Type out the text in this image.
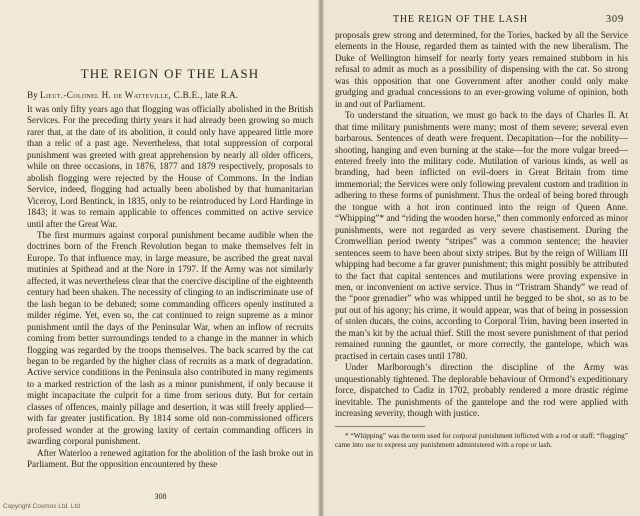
THE REIGN OF THE LASH

By Lieut.-Colonel H. de Watteville, C.B.E., late R.A.

It was only fifty years ago that flogging was officially abolished in the British Services. For the preceding thirty years it had already been growing so much rarer that, at the date of its abolition, it could only have appeared little more than a relic of a past age. Nevertheless, that total suppression of corporal punishment was greeted with great apprehension by nearly all older officers, while on three occasions, in 1876, 1877 and 1879 respectively, proposals to abolish flogging were rejected by the House of Commons. In the Indian Service, indeed, flogging had actually been abolished by that humanitarian Viceroy, Lord Bentinck, in 1835, only to be reintroduced by Lord Hardinge in 1843; it was to remain applicable to offences committed on active service until after the Great War.

The first murmurs against corporal punishment became audible when the doctrines born of the French Revolution began to make themselves felt in Europe. To that influence may, in large measure, be ascribed the great naval mutinies at Spithead and at the Nore in 1797. If the Army was not similarly affected, it was nevertheless clear that the coercive discipline of the eighteenth century had been shaken. The necessity of clinging to an indiscriminate use of the lash began to be debated; some commanding officers openly instituted a milder régime. Yet, even so, the cat continued to reign supreme as a minor punishment until the days of the Peninsular War, when an inflow of recruits coming from better surroundings tended to a change in the manner in which flogging was regarded by the troops themselves. The back scarred by the cat began to be regarded by the higher class of recruits as a mark of degradation. Active service conditions in the Peninsula also contributed in many regiments to a marked restriction of the lash as a minor punishment, if only because it might incapacitate the culprit for a time from serious duty. But for certain classes of offences, mainly pillage and desertion, it was still freely applied—with far greater justification. By 1814 some old non-commissioned officers professed wonder at the growing laxity of certain commanding officers in awarding corporal punishment.

After Waterloo a renewed agitation for the abolition of the lash broke out in Parliament. But the opposition encountered by these

308
Copyright Cosmos Ltd. Ltd
THE REIGN OF THE LASH	309

proposals grew strong and determined, for the Tories, backed by all the Service elements in the House, regarded them as tainted with the new liberalism. The Duke of Wellington himself for nearly forty years remained stubborn in his refusal to admit as much as a possibility of dispensing with the cat. So strong was this opposition that one Government after another could only make grudging and gradual concessions to an ever-growing volume of opinion, both in and out of Parliament.

To understand the situation, we must go back to the days of Charles II. At that time military punishments were many; most of them severe; several even barbarous. Sentences of death were frequent. Decapitation—for the nobility—shooting, hanging and even burning at the stake—for the more vulgar breed—entered freely into the military code. Mutilation of various kinds, as well as branding, had been inflicted on evil-doers in Great Britain from time immemorial; the Services were only following prevalent custom and tradition in adhering to these forms of punishment. Thus the ordeal of being bored through the tongue with a hot iron continued into the reign of Queen Anne. “Whipping”* and “riding the wooden horse,” then commonly enforced as minor punishments, were not regarded as very severe chastisement. During the Cromwellian period twenty “stripes” was a common sentence; the heavier sentences seem to have been about sixty stripes. But by the reign of William III whipping had become a far graver punishment; this might possibly be attributed to the fact that capital sentences and mutilations were proving expensive in men, or inconvenient on active service. Thus in “Tristram Shandy” we read of the “poor grenadier” who was whipped until he begged to be shot, so as to be put out of his agony; his crime, it would appear, was that of being in possession of stolen ducats, the coins, according to Corporal Trim, having been inserted in the man’s kit by the actual thief. Still the most severe punishment of that period remained running the gauntlet, or more correctly, the gantelope, which was practised in certain cases until 1780.

Under Marlborough’s direction the discipline of the Army was unquestionably tightened. The deplorable behaviour of Ormond’s expeditionary force, dispatched to Cadiz in 1702, probably rendered a more drastic régime inevitable. The punishments of the gantelope and the rod were applied with increasing severity, though with justice.

* “Whipping” was the term used for corporal punishment inflicted with a rod or staff; “flogging” came into use to express any punishment administered with a rope or lash.
